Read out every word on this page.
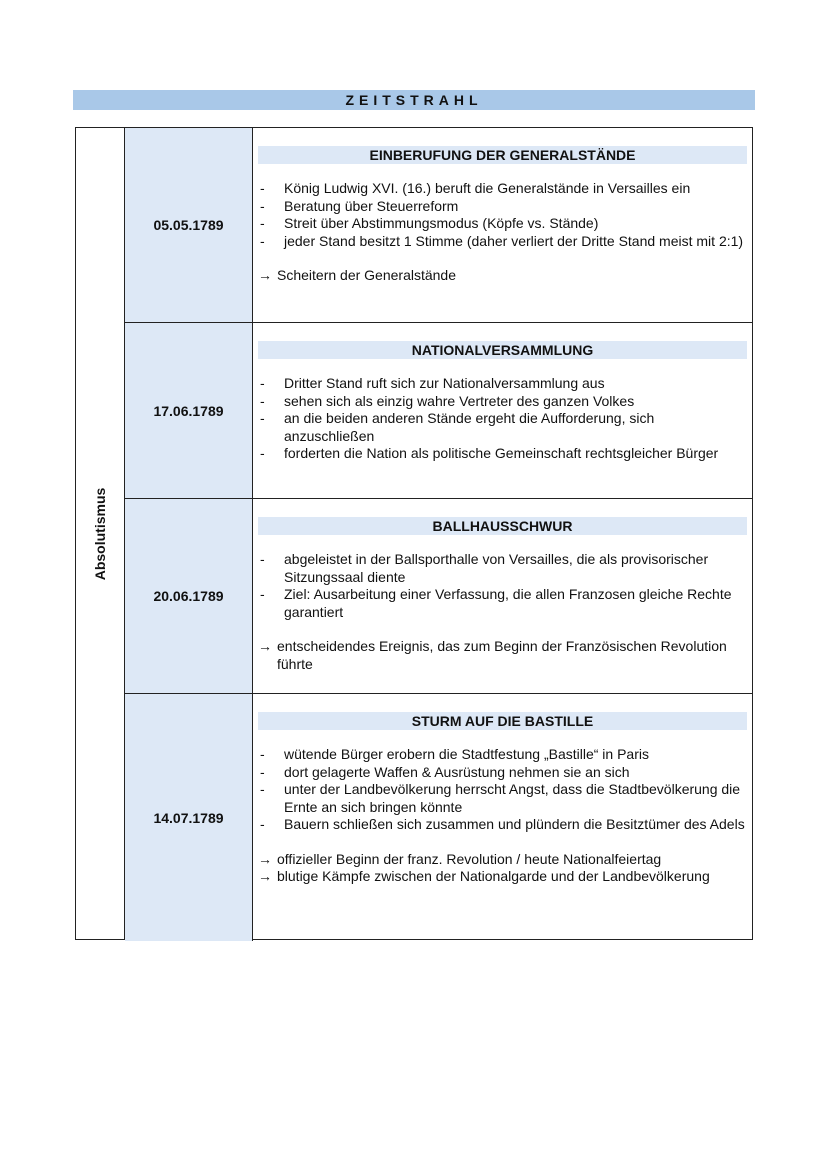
ZEITSTRAHL
Absolutismus
05.05.1789
EINBERUFUNG DER GENERALSTÄNDE
- König Ludwig XVI. (16.) beruft die Generalstände in Versailles ein
- Beratung über Steuerreform
- Streit über Abstimmungsmodus (Köpfe vs. Stände)
- jeder Stand besitzt 1 Stimme (daher verliert der Dritte Stand meist mit 2:1)
→ Scheitern der Generalstände
17.06.1789
NATIONALVERSAMMLUNG
- Dritter Stand ruft sich zur Nationalversammlung aus
- sehen sich als einzig wahre Vertreter des ganzen Volkes
- an die beiden anderen Stände ergeht die Aufforderung, sich anzuschließen
- forderten die Nation als politische Gemeinschaft rechtsgleicher Bürger
20.06.1789
BALLHAUSSCHWUR
- abgeleistet in der Ballsporthalle von Versailles, die als provisorischer Sitzungssaal diente
- Ziel: Ausarbeitung einer Verfassung, die allen Franzosen gleiche Rechte garantiert
→ entscheidendes Ereignis, das zum Beginn der Französischen Revolution führte
14.07.1789
STURM AUF DIE BASTILLE
- wütende Bürger erobern die Stadtfestung „Bastille“ in Paris
- dort gelagerte Waffen & Ausrüstung nehmen sie an sich
- unter der Landbevölkerung herrscht Angst, dass die Stadtbevölkerung die Ernte an sich bringen könnte
- Bauern schließen sich zusammen und plündern die Besitztümer des Adels
→ offizieller Beginn der franz. Revolution / heute Nationalfeiertag
→ blutige Kämpfe zwischen der Nationalgarde und der Landbevölkerung
